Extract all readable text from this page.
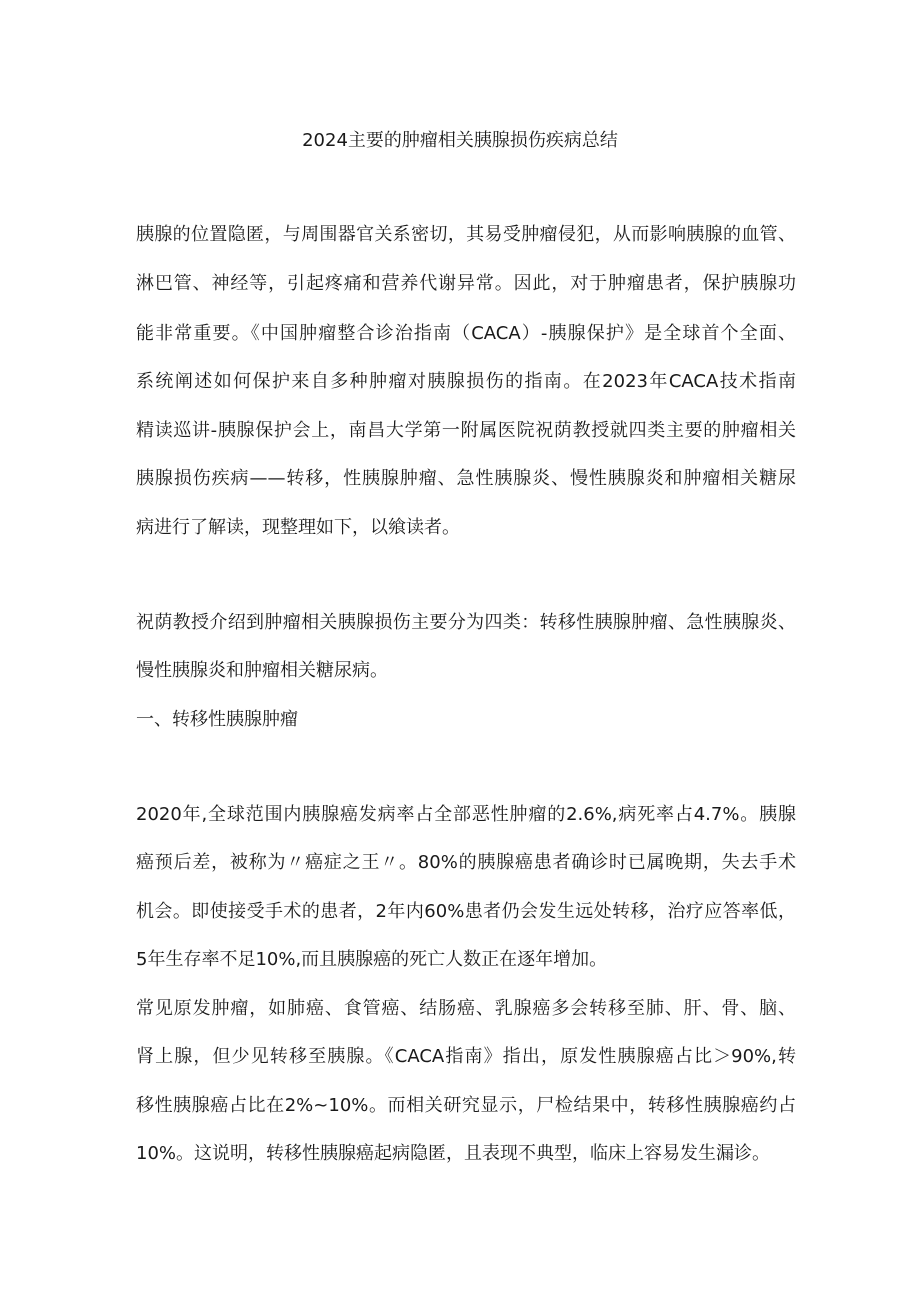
2024主要的肿瘤相关胰腺损伤疾病总结
胰腺的位置隐匿，与周围器官关系密切，其易受肿瘤侵犯，从而影响胰腺的血管、
淋巴管、神经等，引起疼痛和营养代谢异常。因此，对于肿瘤患者，保护胰腺功
能非常重要。《中国肿瘤整合诊治指南（CACA）-胰腺保护》是全球首个全面、
系统阐述如何保护来自多种肿瘤对胰腺损伤的指南。在2023年CACA技术指南
精读巡讲-胰腺保护会上，南昌大学第一附属医院祝荫教授就四类主要的肿瘤相关
胰腺损伤疾病——转移，性胰腺肿瘤、急性胰腺炎、慢性胰腺炎和肿瘤相关糖尿
病进行了解读，现整理如下，以飨读者。
祝荫教授介绍到肿瘤相关胰腺损伤主要分为四类：转移性胰腺肿瘤、急性胰腺炎、
慢性胰腺炎和肿瘤相关糖尿病。
一、转移性胰腺肿瘤
2020年,全球范围内胰腺癌发病率占全部恶性肿瘤的2.6%,病死率占4.7%。胰腺
癌预后差，被称为〃癌症之王〃。80%的胰腺癌患者确诊时已属晚期，失去手术
机会。即使接受手术的患者，2年内60%患者仍会发生远处转移，治疗应答率低，
5年生存率不足10%,而且胰腺癌的死亡人数正在逐年增加。
常见原发肿瘤，如肺癌、食管癌、结肠癌、乳腺癌多会转移至肺、肝、骨、脑、
肾上腺，但少见转移至胰腺。《CACA指南》指出，原发性胰腺癌占比＞90%,转
移性胰腺癌占比在2%~10%。而相关研究显示，尸检结果中，转移性胰腺癌约占
10%。这说明，转移性胰腺癌起病隐匿，且表现不典型，临床上容易发生漏诊。
